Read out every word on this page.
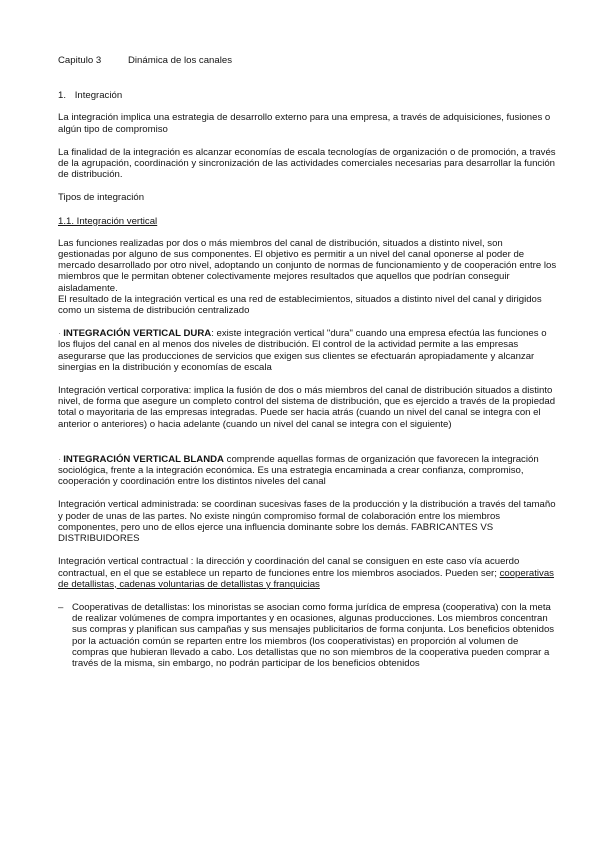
Capitulo 3	Dinámica de los canales
1. Integración

La integración implica una estrategia de desarrollo externo para una empresa, a través de adquisiciones, fusiones o algún tipo de compromiso

La finalidad de la integración es alcanzar economías de escala tecnologías de organización o de promoción, a través de la agrupación, coordinación y sincronización de las actividades comerciales necesarias para desarrollar la función de distribución.

Tipos de integración

1.1. Integración vertical

Las funciones realizadas por dos o más miembros del canal de distribución, situados a distinto nivel, son gestionadas por alguno de sus componentes. El objetivo es permitir a un nivel del canal oponerse al poder de mercado desarrollado por otro nivel, adoptando un conjunto de normas de funcionamiento y de cooperación entre los miembros que le permitan obtener colectivamente mejores resultados que aquellos que podrían conseguir aisladamente.

El resultado de la integración vertical es una red de establecimientos, situados a distinto nivel del canal y dirigidos como un sistema de distribución centralizado

· INTEGRACIÓN VERTICAL DURA: existe integración vertical "dura" cuando una empresa efectúa las funciones o los flujos del canal en al menos dos niveles de distribución. El control de la actividad permite a las empresas asegurarse que las producciones de servicios que exigen sus clientes se efectuarán apropiadamente y alcanzar sinergias en la distribución y economías de escala

Integración vertical corporativa: implica la fusión de dos o más miembros del canal de distribución situados a distinto nivel, de forma que asegure un completo control del sistema de distribución, que es ejercido a través de la propiedad total o mayoritaria de las empresas integradas. Puede ser hacia atrás (cuando un nivel del canal se integra con el anterior o anteriores) o hacia adelante (cuando un nivel del canal se integra con el siguiente)

· INTEGRACIÓN VERTICAL BLANDA comprende aquellas formas de organización que favorecen la integración sociológica, frente a la integración económica. Es una estrategia encaminada a crear confianza, compromiso, cooperación y coordinación entre los distintos niveles del canal

Integración vertical administrada: se coordinan sucesivas fases de la producción y la distribución a través del tamaño y poder de unas de las partes. No existe ningún compromiso formal de colaboración entre los miembros componentes, pero uno de ellos ejerce una influencia dominante sobre los demás. FABRICANTES VS DISTRIBUIDORES

Integración vertical contractual : la dirección y coordinación del canal se consiguen en este caso vía acuerdo contractual, en el que se establece un reparto de funciones entre los miembros asociados. Pueden ser; cooperativas de detallistas, cadenas voluntarias de detallistas y franquicias

– Cooperativas de detallistas: los minoristas se asocian como forma jurídica de empresa (cooperativa) con la meta de realizar volúmenes de compra importantes y en ocasiones, algunas producciones. Los miembros concentran sus compras y planifican sus campañas y sus mensajes publicitarios de forma conjunta. Los beneficios obtenidos por la actuación común se reparten entre los miembros (los cooperativistas) en proporción al volumen de compras que hubieran llevado a cabo. Los detallistas que no son miembros de la cooperativa pueden comprar a través de la misma, sin embargo, no podrán participar de los beneficios obtenidos
